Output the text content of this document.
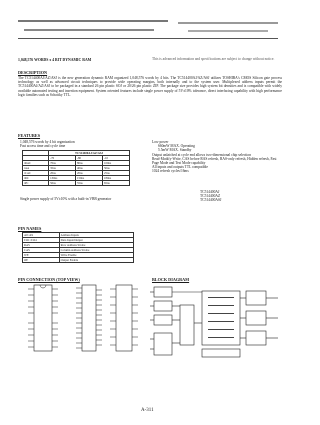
1,048,576 WORDS x 4 BIT DYNAMIC RAM	This is advanced information and specifications are subject to change without notice.
DESCRIPTION
The TC514400AJ/AZ/ASJ is the new generation dynamic RAM organized 1,048,576 words by 4 bits. The TC514400AJ/AZ/ASJ utilizes TOSHIBA's CMOS Silicon gate process technology as well as advanced circuit techniques to provide wide operating margins, both internally and to the system user. Multiplexed address inputs permit the TC514400AJ/AZ/ASJ to be packaged in a standard 26 pin plastic SOJ or 20/26 pin plastic ZIP. The package size provides high system bit densities and is compatible with widely available automated testing and insertion equipment. System oriented features include single power supply of 5V±10% tolerance, direct interfacing capability with high performance logic families such as Schottky TTL.
FEATURES
1,048,576 words by 4 bit organization
Fast access time and cycle time
	TC514400AJ/AZ/ASJ		
	-70	-80	-10
tRAC	70ns	80ns	100ns
tAA	35ns	40ns	50ns
tCAC	20ns	20ns	25ns
tRC	130ns	150ns	180ns
tPC	50ns	55ns	65ns
Single power supply of 5V±10% with a built-in VBB generator
Low power
660mW MAX. Operating
5.5mW MAX. Standby
Output unlatched at cycle end allows two-dimensional chip selection
Read-Modify-Write, CAS before RAS refresh, RAS-only refresh, Hidden refresh, Fast Page Mode and Test Mode capability
All inputs and outputs TTL compatible
1024 refresh cycles/16ms
TC514400AJ
TC514400AZ
TC514400ASJ
PIN NAMES
A0~A9	Address Inputs
I/O1~I/O4	Data Input/Output
RAS	Row Address Strobe
CAS	Column Address Strobe
WE	Write Enable
OE	Output Enable
PIN CONNECTION (TOP VIEW)	BLOCK DIAGRAM
A-311
